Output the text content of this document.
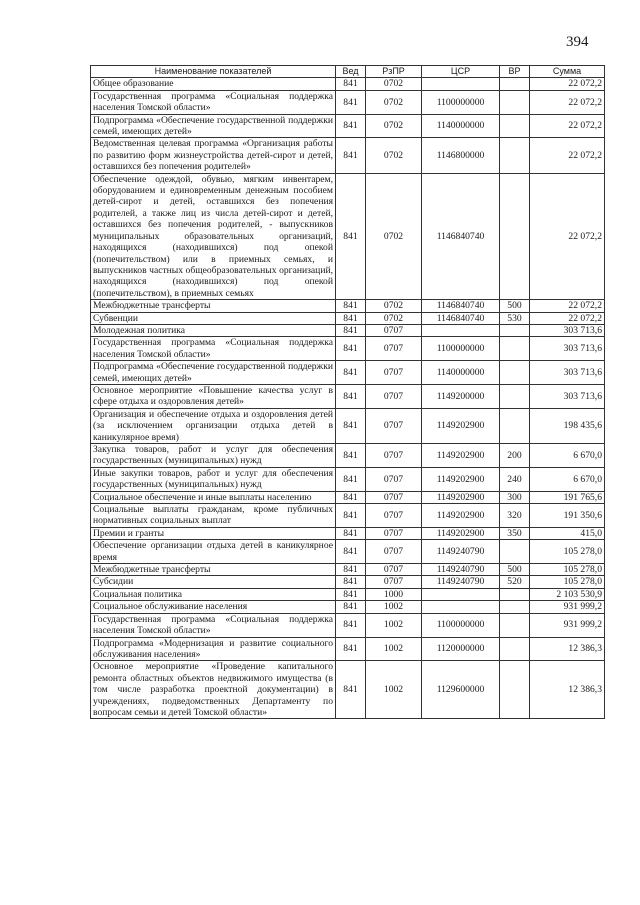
394
Наименование показателей	Вед	РзПР	ЦСР	ВР	Сумма
Общее образование	841	0702			22 072,2
Государственная программа «Социальная поддержка населения Томской области»	841	0702	1100000000		22 072,2
Подпрограмма «Обеспечение государственной поддержки семей, имеющих детей»	841	0702	1140000000		22 072,2
Ведомственная целевая программа «Организация работы по развитию форм жизнеустройства детей-сирот и детей, оставшихся без попечения родителей»	841	0702	1146800000		22 072,2
Обеспечение одеждой, обувью, мягким инвентарем, оборудованием и единовременным денежным пособием детей-сирот и детей, оставшихся без попечения родителей, а также лиц из числа детей-сирот и детей, оставшихся без попечения родителей, - выпускников муниципальных образовательных организаций, находящихся (находившихся) под опекой (попечительством) или в приемных семьях, и выпускников частных общеобразовательных организаций, находящихся (находившихся) под опекой (попечительством), в приемных семьях	841	0702	1146840740		22 072,2
Межбюджетные трансферты	841	0702	1146840740	500	22 072,2
Субвенции	841	0702	1146840740	530	22 072,2
Молодежная политика	841	0707			303 713,6
Государственная программа «Социальная поддержка населения Томской области»	841	0707	1100000000		303 713,6
Подпрограмма «Обеспечение государственной поддержки семей, имеющих детей»	841	0707	1140000000		303 713,6
Основное мероприятие «Повышение качества услуг в сфере отдыха и оздоровления детей»	841	0707	1149200000		303 713,6
Организация и обеспечение отдыха и оздоровления детей (за исключением организации отдыха детей в каникулярное время)	841	0707	1149202900		198 435,6
Закупка товаров, работ и услуг для обеспечения государственных (муниципальных) нужд	841	0707	1149202900	200	6 670,0
Иные закупки товаров, работ и услуг для обеспечения государственных (муниципальных) нужд	841	0707	1149202900	240	6 670,0
Социальное обеспечение и иные выплаты населению	841	0707	1149202900	300	191 765,6
Социальные выплаты гражданам, кроме публичных нормативных социальных выплат	841	0707	1149202900	320	191 350,6
Премии и гранты	841	0707	1149202900	350	415,0
Обеспечение организации отдыха детей в каникулярное время	841	0707	1149240790		105 278,0
Межбюджетные трансферты	841	0707	1149240790	500	105 278,0
Субсидии	841	0707	1149240790	520	105 278,0
Социальная политика	841	1000			2 103 530,9
Социальное обслуживание населения	841	1002			931 999,2
Государственная программа «Социальная поддержка населения Томской области»	841	1002	1100000000		931 999,2
Подпрограмма «Модернизация и развитие социального обслуживания населения»	841	1002	1120000000		12 386,3
Основное мероприятие «Проведение капитального ремонта областных объектов недвижимого имущества (в том числе разработка проектной документации) в учреждениях, подведомственных Департаменту по вопросам семьи и детей Томской области»	841	1002	1129600000		12 386,3
